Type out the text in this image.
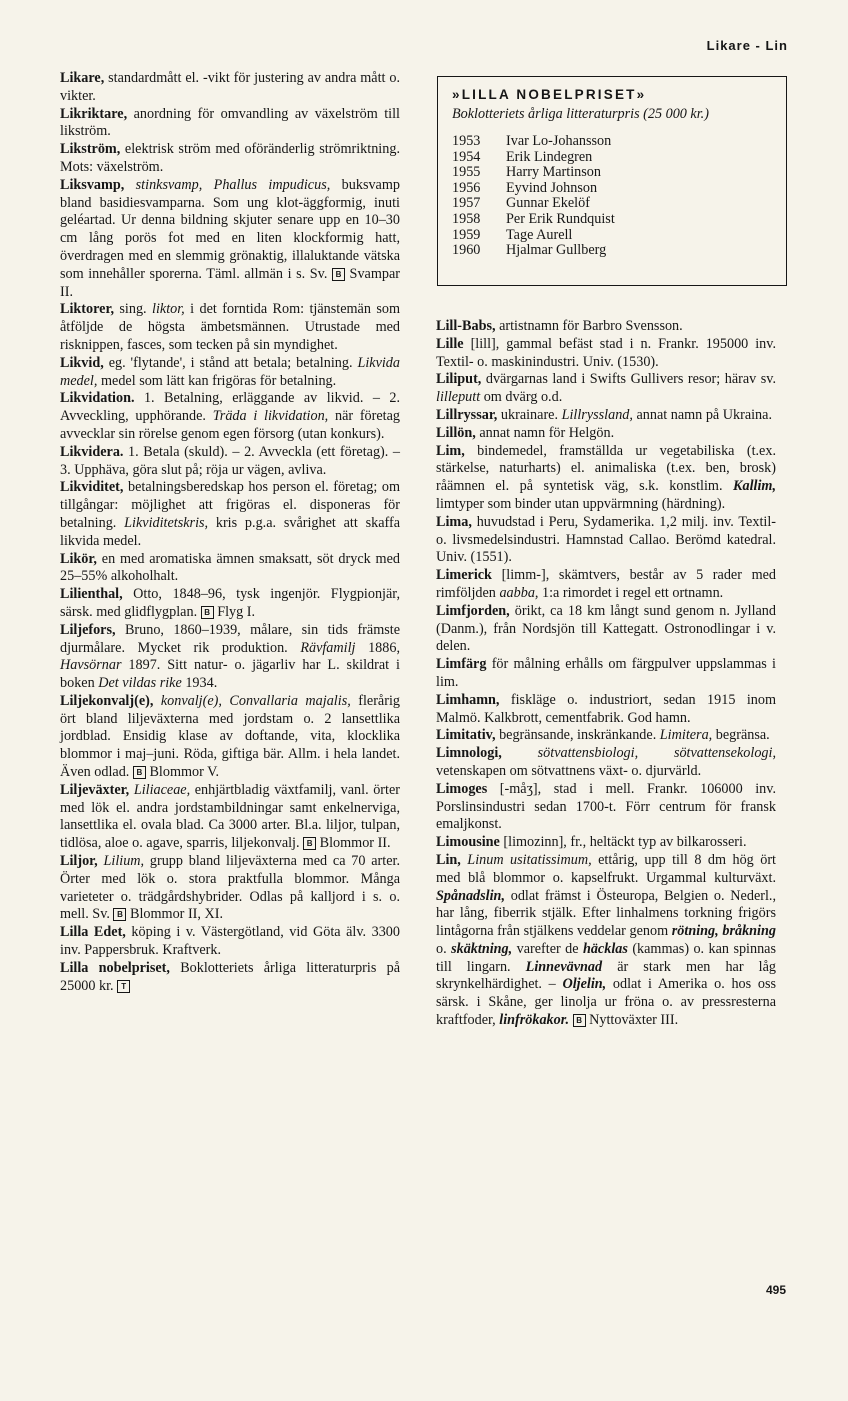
Likare - Lin

Likare, standardmått el. -vikt för justering av andra mått o. vikter.

Likriktare, anordning för omvandling av växelström till likström.

Likström, elektrisk ström med oföränderlig strömriktning. Mots: växelström.

Liksvamp, stinksvamp, Phallus impudicus, buksvamp bland basidiesvamparna. Som ung klot-äggformig, inuti geléartad. Ur denna bildning skjuter senare upp en 10–30 cm lång porös fot med en liten klockformig hatt, överdragen med en slemmig grönaktig, illaluktande vätska som innehåller sporerna. Täml. allmän i s. Sv. B Svampar II.

Liktorer, sing. liktor, i det forntida Rom: tjänstemän som åtföljde de högsta ämbetsmännen. Utrustade med risknippen, fasces, som tecken på sin myndighet.

Likvid, eg. 'flytande', i stånd att betala; betalning. Likvida medel, medel som lätt kan frigöras för betalning.

Likvidation. 1. Betalning, erläggande av likvid. – 2. Avveckling, upphörande. Träda i likvidation, när företag avvecklar sin rörelse genom egen försorg (utan konkurs).

Likvidera. 1. Betala (skuld). – 2. Avveckla (ett företag). – 3. Upphäva, göra slut på; röja ur vägen, avliva.

Likviditet, betalningsberedskap hos person el. företag; om tillgångar: möjlighet att frigöras el. disponeras för betalning. Likviditetskris, kris p.g.a. svårighet att skaffa likvida medel.

Likör, en med aromatiska ämnen smaksatt, söt dryck med 25–55% alkoholhalt.

Lilienthal, Otto, 1848–96, tysk ingenjör. Flygpionjär, särsk. med glidflygplan. B Flyg I.

Liljefors, Bruno, 1860–1939, målare, sin tids främste djurmålare. Mycket rik produktion. Rävfamilj 1886, Havsörnar 1897. Sitt natur- o. jägarliv har L. skildrat i boken Det vildas rike 1934.

Liljekonvalj(e), konvalj(e), Convallaria majalis, flerårig ört bland liljeväxterna med jordstam o. 2 lansettlika jordblad. Ensidig klase av doftande, vita, klocklika blommor i maj–juni. Röda, giftiga bär. Allm. i hela landet. Även odlad. B Blommor V.

Liljeväxter, Liliaceae, enhjärtbladig växtfamilj, vanl. örter med lök el. andra jordstambildningar samt enkelnerviga, lansettlika el. ovala blad. Ca 3000 arter. Bl.a. liljor, tulpan, tidlösa, aloe o. agave, sparris, liljekonvalj. B Blommor II.

Liljor, Lilium, grupp bland liljeväxterna med ca 70 arter. Örter med lök o. stora praktfulla blommor. Många varieteter o. trädgårdshybrider. Odlas på kalljord i s. o. mell. Sv. B Blommor II, XI.

Lilla Edet, köping i v. Västergötland, vid Göta älv. 3300 inv. Pappersbruk. Kraftverk.

Lilla nobelpriset, Boklotteriets årliga litteraturpris på 25000 kr. T

»LILLA NOBELPRISET»
Boklotteriets årliga litteraturpris (25 000 kr.)
1953	Ivar Lo-Johansson
1954	Erik Lindegren
1955	Harry Martinson
1956	Eyvind Johnson
1957	Gunnar Ekelöf
1958	Per Erik Rundquist
1959	Tage Aurell
1960	Hjalmar Gullberg

Lill-Babs, artistnamn för Barbro Svensson.

Lille [lill], gammal befäst stad i n. Frankr. 195000 inv. Textil- o. maskinindustri. Univ. (1530).

Liliput, dvärgarnas land i Swifts Gullivers resor; härav sv. lilleputt om dvärg o.d.

Lillryssar, ukrainare. Lillryssland, annat namn på Ukraina.

Lillön, annat namn för Helgön.

Lim, bindemedel, framställda ur vegetabiliska (t.ex. stärkelse, naturharts) el. animaliska (t.ex. ben, brosk) råämnen el. på syntetisk väg, s.k. konstlim. Kallim, limtyper som binder utan uppvärmning (härdning).

Lima, huvudstad i Peru, Sydamerika. 1,2 milj. inv. Textil- o. livsmedelsindustri. Hamnstad Callao. Berömd katedral. Univ. (1551).

Limerick [limm-], skämtvers, består av 5 rader med rimföljden aabba, 1:a rimordet i regel ett ortnamn.

Limfjorden, örikt, ca 18 km långt sund genom n. Jylland (Danm.), från Nordsjön till Kattegatt. Ostronodlingar i v. delen.

Limfärg för målning erhålls om färgpulver uppslammas i lim.

Limhamn, fiskläge o. industriort, sedan 1915 inom Malmö. Kalkbrott, cementfabrik. God hamn.

Limitativ, begränsande, inskränkande. Limitera, begränsa.

Limnologi, sötvattensbiologi, sötvattensekologi, vetenskapen om sötvattnens växt- o. djurvärld.

Limoges [-måʒ], stad i mell. Frankr. 106000 inv. Porslinsindustri sedan 1700-t. Förr centrum för fransk emaljkonst.

Limousine [limozinn], fr., heltäckt typ av bilkarosseri.

Lin, Linum usitatissimum, ettårig, upp till 8 dm hög ört med blå blommor o. kapselfrukt. Urgammal kulturväxt. Spånadslin, odlat främst i Östeuropa, Belgien o. Nederl., har lång, fiberrik stjälk. Efter linhalmens torkning frigörs lintågorna från stjälkens veddelar genom rötning, bråkning o. skäktning, varefter de häcklas (kammas) o. kan spinnas till lingarn. Linnevävnad är stark men har låg skrynkelhärdighet. – Oljelin, odlat i Amerika o. hos oss särsk. i Skåne, ger linolja ur fröna o. av pressresterna kraftfoder, linfrökakor. B Nyttoväxter III.

495
